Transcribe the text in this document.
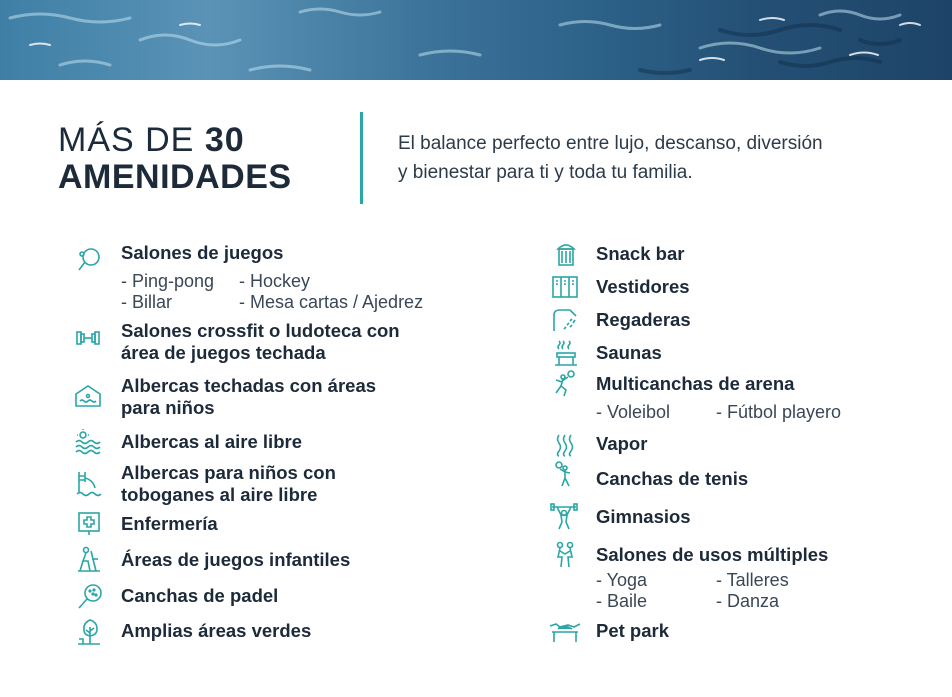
MÁS DE 30
AMENIDADES
El balance perfecto entre lujo, descanso, diversión
y bienestar para ti y toda tu familia.
Salones de juegos
- Ping-pong - Hockey
- Billar	- Mesa cartas / Ajedrez
Salones crossfit o ludoteca con
área de juegos techada
Albercas techadas con áreas
para niños
Albercas al aire libre
Albercas para niños con
toboganes al aire libre
Enfermería
Áreas de juegos infantiles
Canchas de padel
Amplias áreas verdes
Snack bar
Vestidores
Regaderas
Saunas
Multicanchas de arena
- Voleibol	- Fútbol playero
Vapor
Canchas de tenis
Gimnasios
Salones de usos múltiples
- Yoga	- Talleres
- Baile	- Danza
Pet park
